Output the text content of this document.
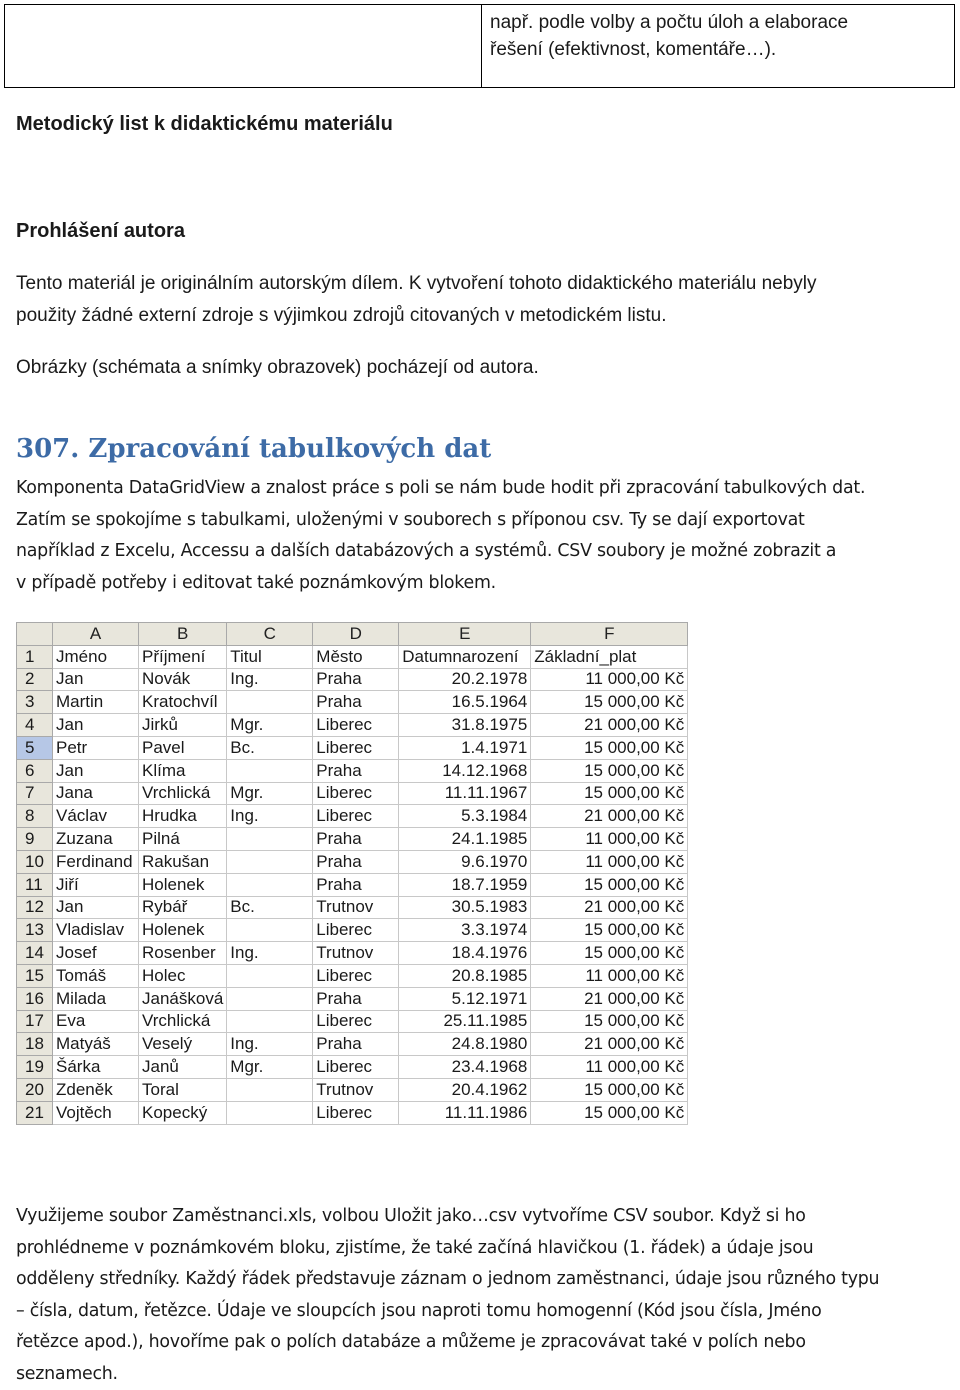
např. podle volby a počtu úloh a elaborace
řešení (efektivnost, komentáře…).
Metodický list k didaktickému materiálu
Prohlášení autora
Tento materiál je originálním autorským dílem. K vytvoření tohoto didaktického materiálu nebyly
použity žádné externí zdroje s výjimkou zdrojů citovaných v metodickém listu.
Obrázky (schémata a snímky obrazovek) pocházejí od autora.
307. Zpracování tabulkových dat
Komponenta DataGridView a znalost práce s poli se nám bude hodit při zpracování tabulkových dat.
Zatím se spokojíme s tabulkami, uloženými v souborech s příponou csv. Ty se dají exportovat
například z Excelu, Accessu a dalších databázových a systémů. CSV soubory je možné zobrazit a
v případě potřeby i editovat také poznámkovým blokem.
	A	B	C	D	E	F
1	Jméno	Příjmení	Titul	Město	Datumnarození	Základní_plat
2	Jan	Novák	Ing.	Praha	20.2.1978	11 000,00 Kč
3	Martin	Kratochvíl		Praha	16.5.1964	15 000,00 Kč
4	Jan	Jirků	Mgr.	Liberec	31.8.1975	21 000,00 Kč
5	Petr	Pavel	Bc.	Liberec	1.4.1971	15 000,00 Kč
6	Jan	Klíma		Praha	14.12.1968	15 000,00 Kč
7	Jana	Vrchlická	Mgr.	Liberec	11.11.1967	15 000,00 Kč
8	Václav	Hrudka	Ing.	Liberec	5.3.1984	21 000,00 Kč
9	Zuzana	Pilná		Praha	24.1.1985	11 000,00 Kč
10	Ferdinand	Rakušan		Praha	9.6.1970	11 000,00 Kč
11	Jiří	Holenek		Praha	18.7.1959	15 000,00 Kč
12	Jan	Rybář	Bc.	Trutnov	30.5.1983	21 000,00 Kč
13	Vladislav	Holenek		Liberec	3.3.1974	15 000,00 Kč
14	Josef	Rosenber	Ing.	Trutnov	18.4.1976	15 000,00 Kč
15	Tomáš	Holec		Liberec	20.8.1985	11 000,00 Kč
16	Milada	Janášková		Praha	5.12.1971	21 000,00 Kč
17	Eva	Vrchlická		Liberec	25.11.1985	15 000,00 Kč
18	Matyáš	Veselý	Ing.	Praha	24.8.1980	21 000,00 Kč
19	Šárka	Janů	Mgr.	Liberec	23.4.1968	11 000,00 Kč
20	Zdeněk	Toral		Trutnov	20.4.1962	15 000,00 Kč
21	Vojtěch	Kopecký		Liberec	11.11.1986	15 000,00 Kč
Využijeme soubor Zaměstnanci.xls, volbou Uložit jako…csv vytvoříme CSV soubor. Když si ho
prohlédneme v poznámkovém bloku, zjistíme, že také začíná hlavičkou (1. řádek) a údaje jsou
odděleny středníky. Každý řádek představuje záznam o jednom zaměstnanci, údaje jsou různého typu
– čísla, datum, řetězce. Údaje ve sloupcích jsou naproti tomu homogenní (Kód jsou čísla, Jméno
řetězce apod.), hovoříme pak o polích databáze a můžeme je zpracovávat také v polích nebo
seznamech.
